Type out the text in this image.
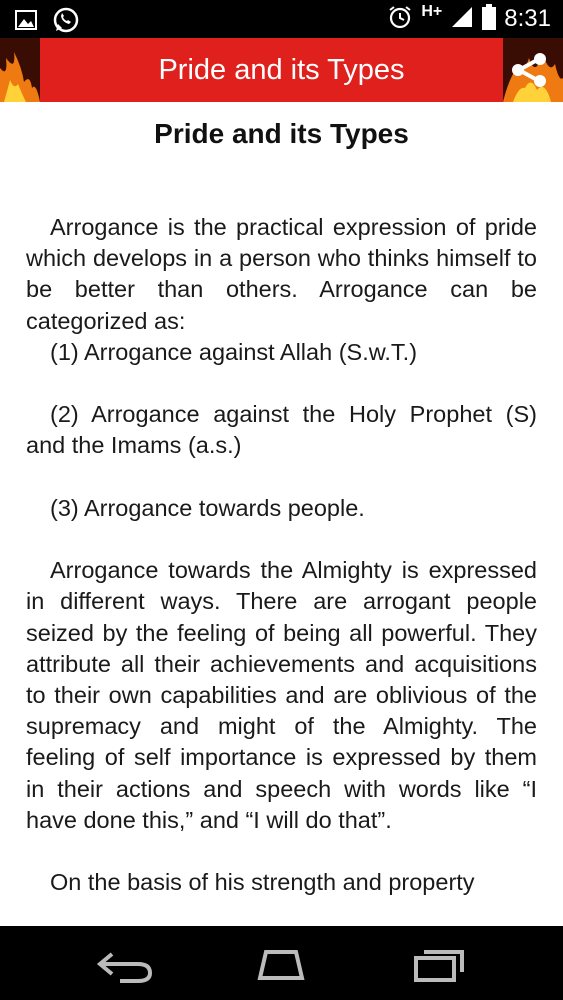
H+	8:31
Pride and its Types
Pride and its Types

Arrogance is the practical expression of pride which develops in a person who thinks himself to be better than others. Arrogance can be categorized as:

(1) Arrogance against Allah (S.w.T.)

(2) Arrogance against the Holy Prophet (S) and the Imams (a.s.)

(3) Arrogance towards people.

Arrogance towards the Almighty is expressed in different ways. There are arrogant people seized by the feeling of being all powerful. They attribute all their achievements and acquisitions to their own capabilities and are oblivious of the supremacy and might of the Almighty. The feeling of self importance is expressed by them in their actions and speech with words like “I have done this,” and “I will do that”.

On the basis of his strength and property
